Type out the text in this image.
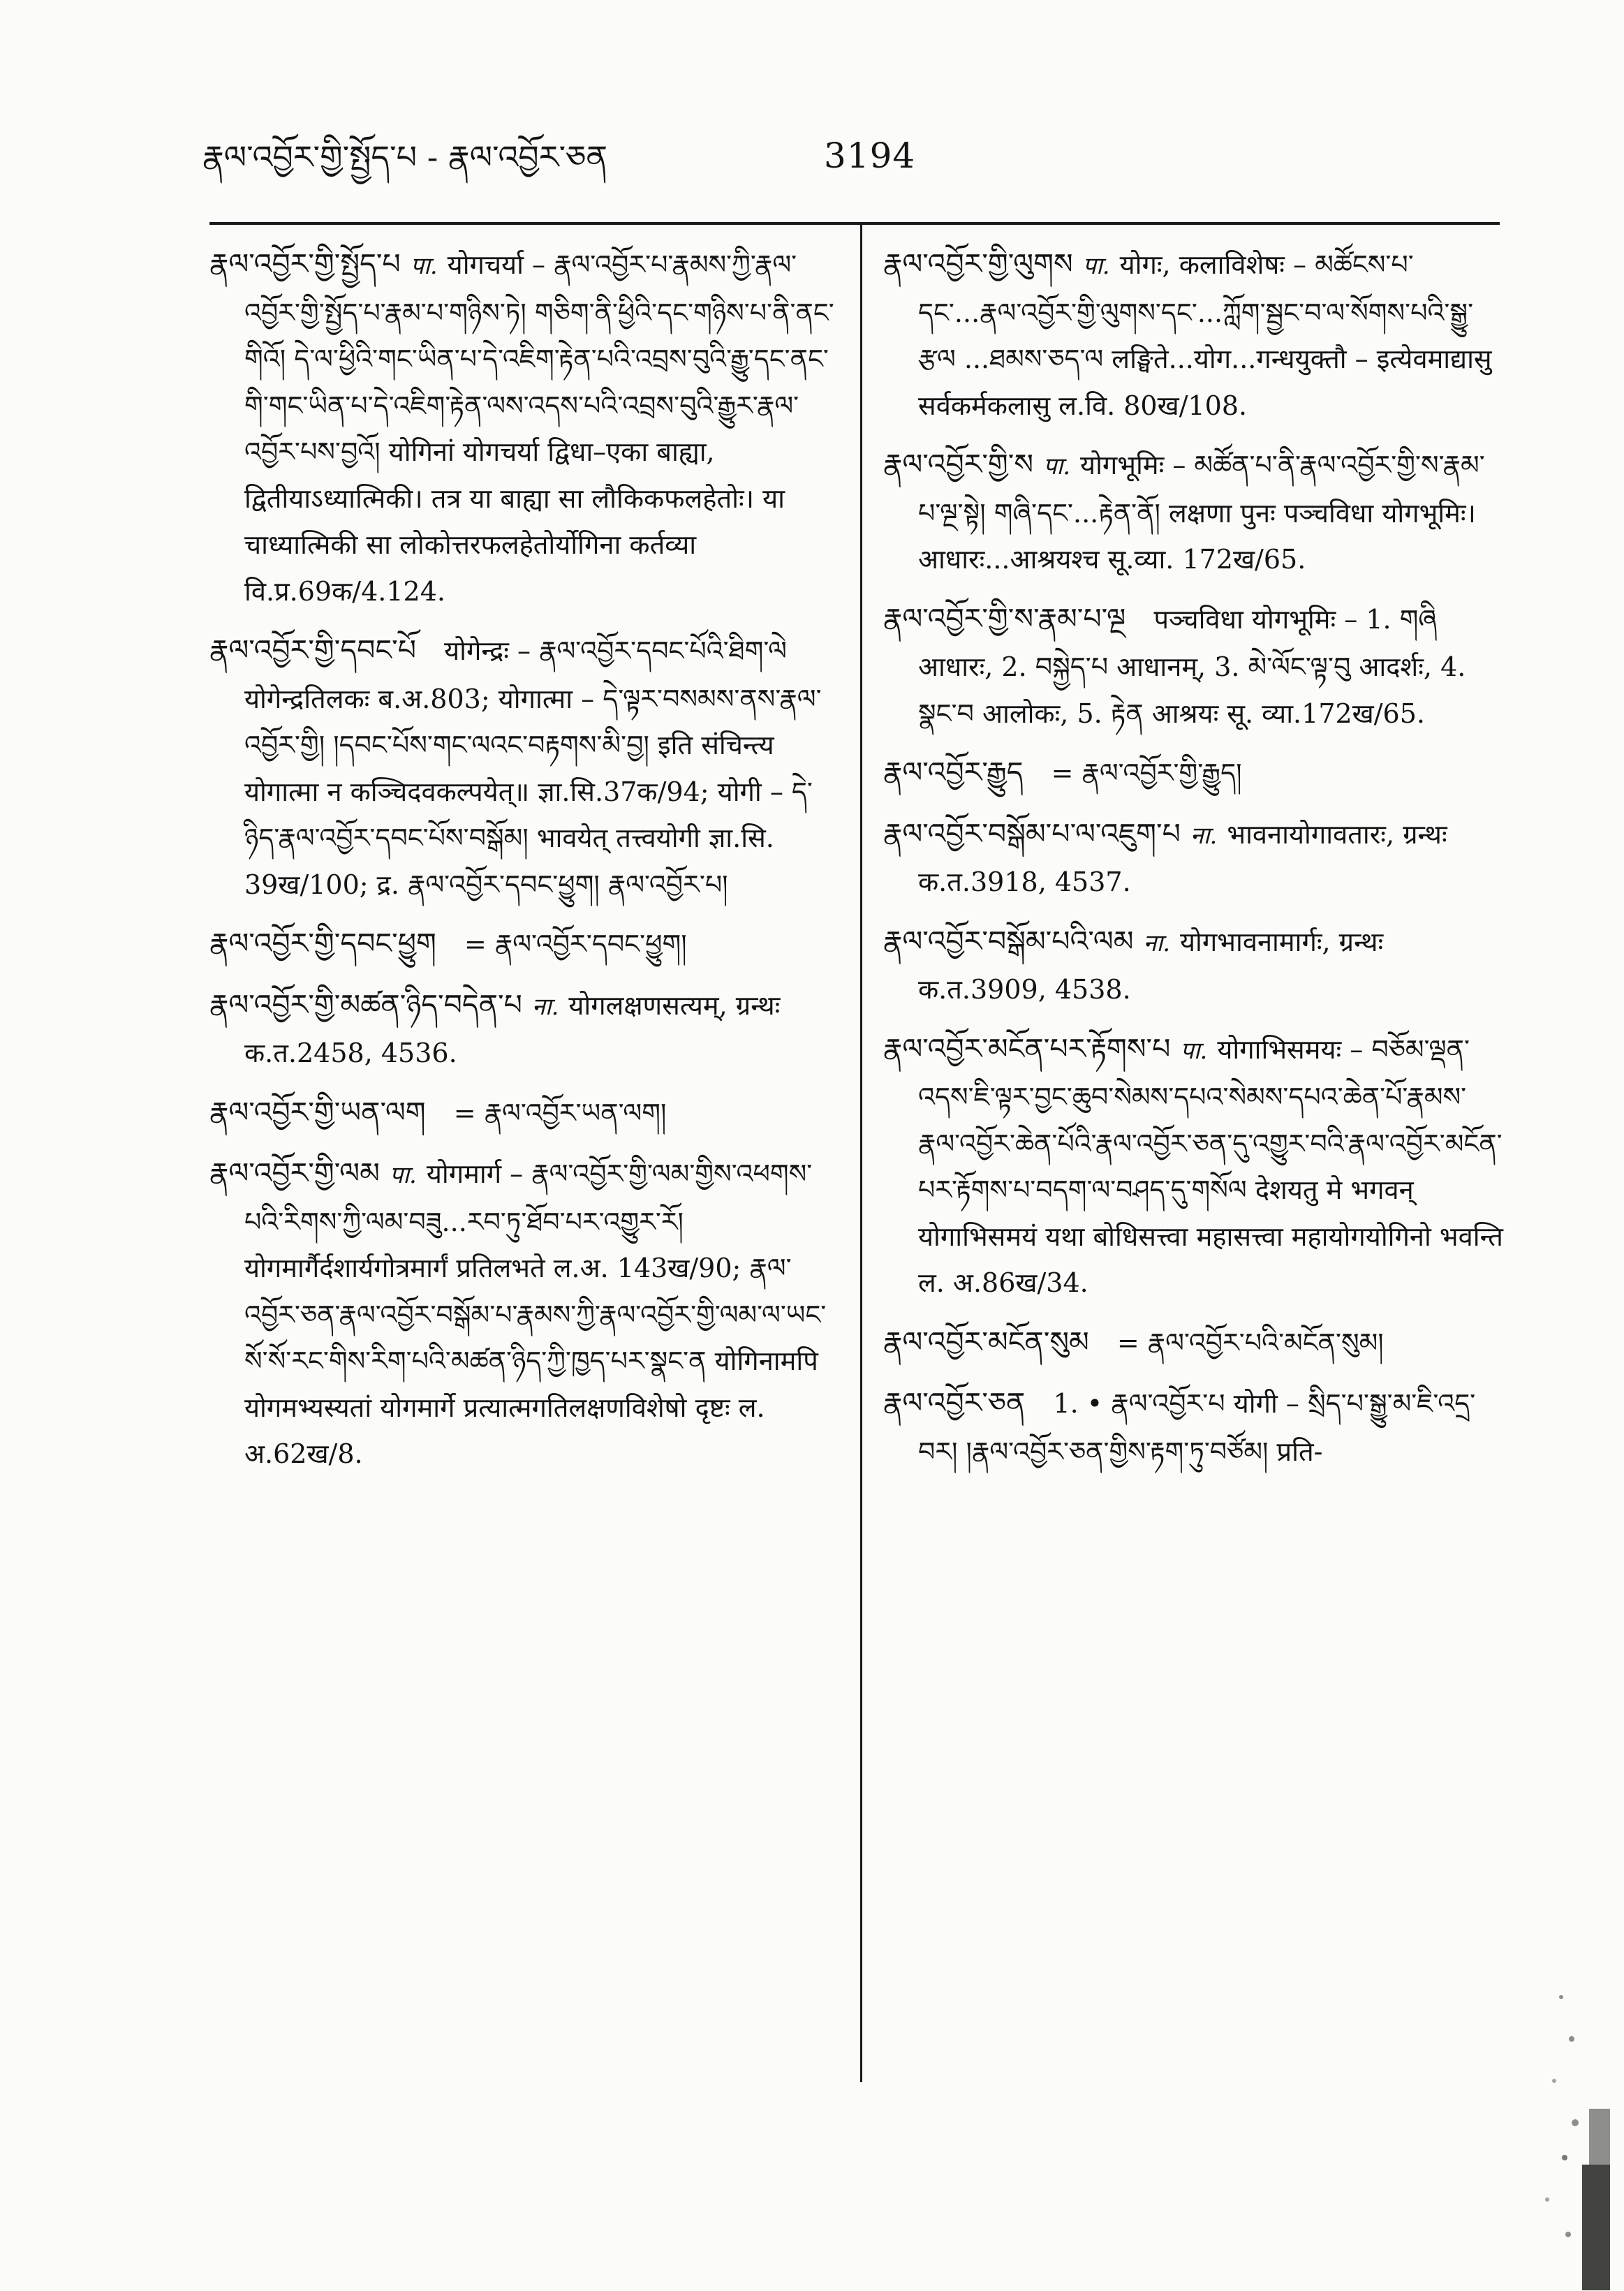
རྣལ་འབྱོར་གྱི་སྤྱོད་པ - རྣལ་འབྱོར་ཅན	3194

རྣལ་འབྱོར་གྱི་སྤྱོད་པ पा. योगचर्या – རྣལ་འབྱོར་པ་རྣམས་ཀྱི་རྣལ་འབྱོར་གྱི་སྤྱོད་པ་རྣམ་པ་གཉིས་ཏེ། གཅིག་ནི་ཕྱིའི་དང་གཉིས་པ་ནི་ནང་གིའོ། དེ་ལ་ཕྱིའི་གང་ཡིན་པ་དེ་འཇིག་རྟེན་པའི་འབྲས་བུའི་རྒྱུ་དང་ནང་གི་གང་ཡིན་པ་དེ་འཇིག་རྟེན་ལས་འདས་པའི་འབྲས་བུའི་རྒྱུར་རྣལ་འབྱོར་པས་བྱའོ། योगिनां योगचर्या द्विधा–एका बाह्या, द्वितीयाऽध्यात्मिकी। तत्र या बाह्या सा लौकिकफलहेतोः। या चाध्यात्मिकी सा लोकोत्तरफलहेतोर्योगिना कर्तव्या वि.प्र.69क/4.124.

རྣལ་འབྱོར་གྱི་དབང་པོ योगेन्द्रः – རྣལ་འབྱོར་དབང་པོའི་ཐིག་ལེ योगेन्द्रतिलकः ब.अ.803; योगात्मा – དེ་ལྟར་བསམས་ནས་རྣལ་འབྱོར་གྱི། །དབང་པོས་གང་ལའང་བརྟགས་མི་བྱ། इति संचिन्त्य योगात्मा न कञ्चिदवकल्पयेत्॥ ज्ञा.सि.37क/94; योगी – དེ་ཉིད་རྣལ་འབྱོར་དབང་པོས་བསྒོམ། भावयेत् तत्त्वयोगी ज्ञा.सि. 39ख/100; द्र. རྣལ་འབྱོར་དབང་ཕྱུག། རྣལ་འབྱོར་པ།

རྣལ་འབྱོར་གྱི་དབང་ཕྱུག = རྣལ་འབྱོར་དབང་ཕྱུག།

རྣལ་འབྱོར་གྱི་མཚན་ཉིད་བདེན་པ ना. योगलक्षणसत्यम्, ग्रन्थः क.त.2458, 4536.

རྣལ་འབྱོར་གྱི་ཡན་ལག = རྣལ་འབྱོར་ཡན་ལག།

རྣལ་འབྱོར་གྱི་ལམ पा. योगमार्ग – རྣལ་འབྱོར་གྱི་ལམ་གྱིས་འཕགས་པའི་རིགས་ཀྱི་ལམ་བཟུ...རབ་ཏུ་ཐོབ་པར་འགྱུར་རོ། योगमार्गैर्दशार्यगोत्रमार्गं प्रतिलभते ल.अ. 143ख/90; རྣལ་འབྱོར་ཅན་རྣལ་འབྱོར་བསྒོམ་པ་རྣམས་ཀྱི་རྣལ་འབྱོར་གྱི་ལམ་ལ་ཡང་སོ་སོ་རང་གིས་རིག་པའི་མཚན་ཉིད་ཀྱི་ཁྱད་པར་སྣང་ན योगिनामपि योगमभ्यस्यतां योगमार्गे प्रत्यात्मगतिलक्षणविशेषो दृष्टः ल. अ.62ख/8.

རྣལ་འབྱོར་གྱི་ལུགས पा. योगः, कलाविशेषः – མཚོངས་པ་དང་...རྣལ་འབྱོར་གྱི་ལུགས་དང་...ཀློག་སྦྱང་བ་ལ་སོགས་པའི་སྒྱུ་རྩལ ...ཐམས་ཅད་ལ लङ्घिते...योग...गन्धयुक्तौ – इत्येवमाद्यासु सर्वकर्मकलासु ल.वि. 80ख/108.

རྣལ་འབྱོར་གྱི་ས पा. योगभूमिः – མཚོན་པ་ནི་རྣལ་འབྱོར་གྱི་ས་རྣམ་པ་ལྔ་སྟེ། གཞི་དང་...རྟེན་ནོ། लक्षणा पुनः पञ्चविधा योगभूमिः। आधारः...आश्रयश्च सू.व्या. 172ख/65.

རྣལ་འབྱོར་གྱི་ས་རྣམ་པ་ལྔ पञ्चविधा योगभूमिः – 1. གཞི आधारः, 2. བསྐྱེད་པ आधानम्, 3. མེ་ལོང་ལྟ་བུ आदर्शः, 4. སྣང་བ आलोकः, 5. རྟེན आश्रयः सू. व्या.172ख/65.

རྣལ་འབྱོར་རྒྱུད = རྣལ་འབྱོར་གྱི་རྒྱུད།

རྣལ་འབྱོར་བསྒོམ་པ་ལ་འཇུག་པ ना. भावनायोगावतारः, ग्रन्थः क.त.3918, 4537.

རྣལ་འབྱོར་བསྒོམ་པའི་ལམ ना. योगभावनामार्गः, ग्रन्थः क.त.3909, 4538.

རྣལ་འབྱོར་མངོན་པར་རྟོགས་པ पा. योगाभिसमयः – བཅོམ་ལྡན་འདས་ཇི་ལྟར་བྱང་ཆུབ་སེམས་དཔའ་སེམས་དཔའ་ཆེན་པོ་རྣམས་རྣལ་འབྱོར་ཆེན་པོའི་རྣལ་འབྱོར་ཅན་དུ་འགྱུར་བའི་རྣལ་འབྱོར་མངོན་པར་རྟོགས་པ་བདག་ལ་བཤད་དུ་གསོལ देशयतु मे भगवन् योगाभिसमयं यथा बोधिसत्त्वा महासत्त्वा महायोगयोगिनो भवन्ति ल. अ.86ख/34.

རྣལ་འབྱོར་མངོན་སུམ = རྣལ་འབྱོར་པའི་མངོན་སུམ།

རྣལ་འབྱོར་ཅན 1. • རྣལ་འབྱོར་པ योगी – སྲིད་པ་སྒྱུ་མ་ཇི་འདྲ་བར། །རྣལ་འབྱོར་ཅན་གྱིས་རྟག་ཏུ་བཙོམ། प्रति-
